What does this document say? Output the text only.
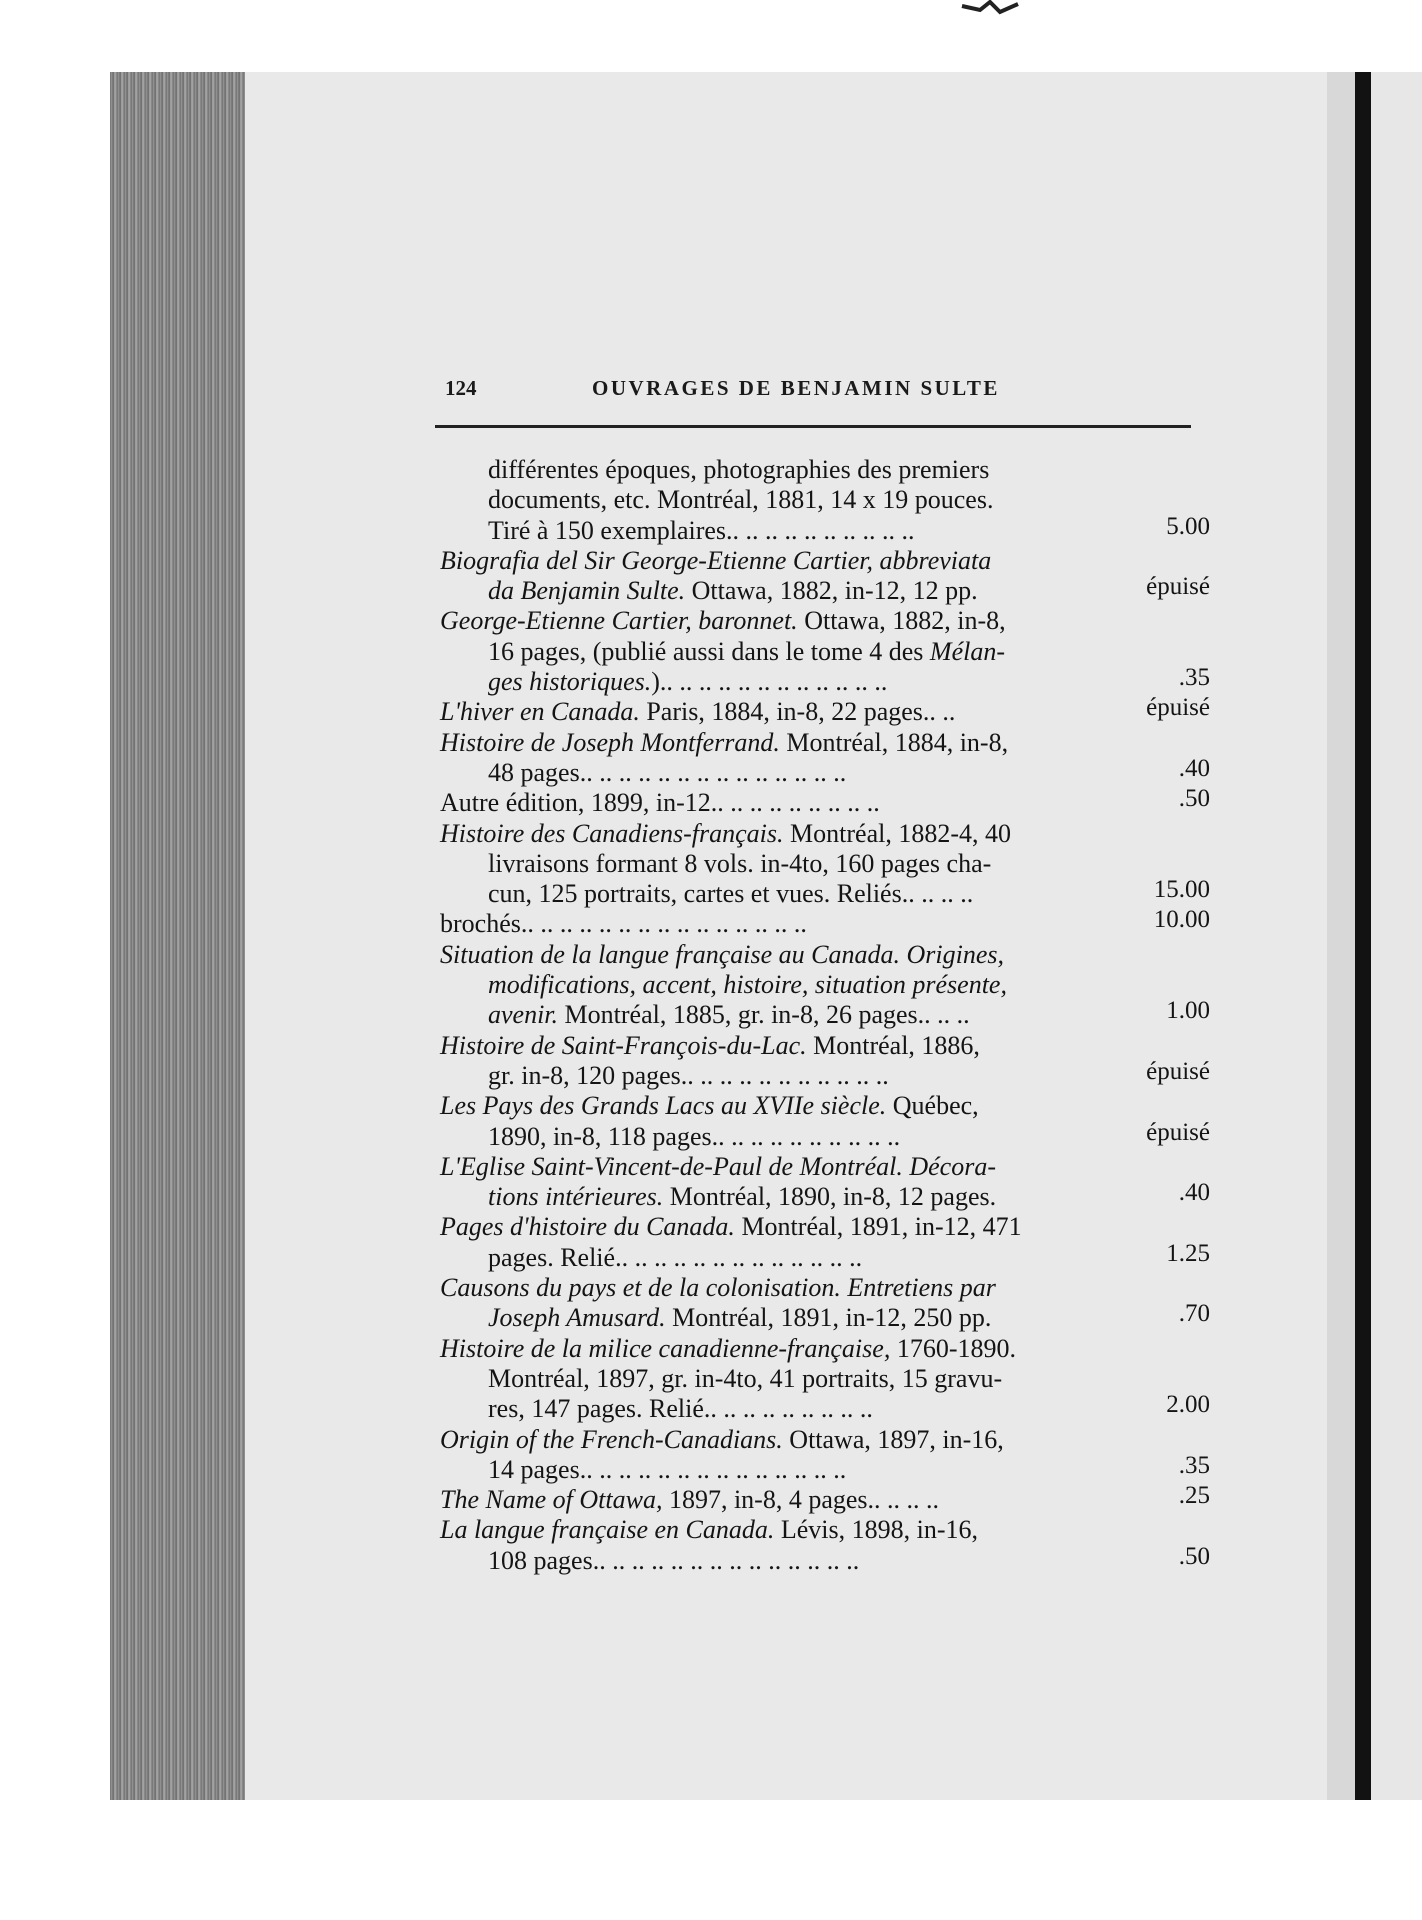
124	OUVRAGES DE BENJAMIN SULTE
différentes époques, photographies des premiers
documents, etc. Montréal, 1881, 14 x 19 pouces.
Tiré à 150 exemplaires.. .. .. .. .. .. .. .. .. ..	5.00
Biografia del Sir George-Etienne Cartier, abbreviata
da Benjamin Sulte. Ottawa, 1882, in-12, 12 pp.	épuisé
George-Etienne Cartier, baronnet. Ottawa, 1882, in-8,
16 pages, (publié aussi dans le tome 4 des Mélan-
ges historiques.).. .. .. .. .. .. .. .. .. .. .. ..	.35
L'hiver en Canada. Paris, 1884, in-8, 22 pages.. ..	épuisé
Histoire de Joseph Montferrand. Montréal, 1884, in-8,
48 pages.. .. .. .. .. .. .. .. .. .. .. .. .. ..	.40
Autre édition, 1899, in-12.. .. .. .. .. .. .. .. ..	.50
Histoire des Canadiens-français. Montréal, 1882-4, 40
livraisons formant 8 vols. in-4to, 160 pages cha-
cun, 125 portraits, cartes et vues. Reliés.. .. .. ..	15.00
brochés.. .. .. .. .. .. .. .. .. .. .. .. .. .. ..	10.00
Situation de la langue française au Canada. Origines,
modifications, accent, histoire, situation présente,
avenir. Montréal, 1885, gr. in-8, 26 pages.. .. ..	1.00
Histoire de Saint-François-du-Lac. Montréal, 1886,
gr. in-8, 120 pages.. .. .. .. .. .. .. .. .. .. ..	épuisé
Les Pays des Grands Lacs au XVIIe siècle. Québec,
1890, in-8, 118 pages.. .. .. .. .. .. .. .. .. ..	épuisé
L'Eglise Saint-Vincent-de-Paul de Montréal. Décora-
tions intérieures. Montréal, 1890, in-8, 12 pages.	.40
Pages d'histoire du Canada. Montréal, 1891, in-12, 471
pages. Relié.. .. .. .. .. .. .. .. .. .. .. .. ..	1.25
Causons du pays et de la colonisation. Entretiens par
Joseph Amusard. Montréal, 1891, in-12, 250 pp.	.70
Histoire de la milice canadienne-française, 1760-1890.
Montréal, 1897, gr. in-4to, 41 portraits, 15 gravu-
res, 147 pages. Relié.. .. .. .. .. .. .. .. ..	2.00
Origin of the French-Canadians. Ottawa, 1897, in-16,
14 pages.. .. .. .. .. .. .. .. .. .. .. .. .. ..	.35
The Name of Ottawa, 1897, in-8, 4 pages.. .. .. ..	.25
La langue française en Canada. Lévis, 1898, in-16,
108 pages.. .. .. .. .. .. .. .. .. .. .. .. .. ..	.50
